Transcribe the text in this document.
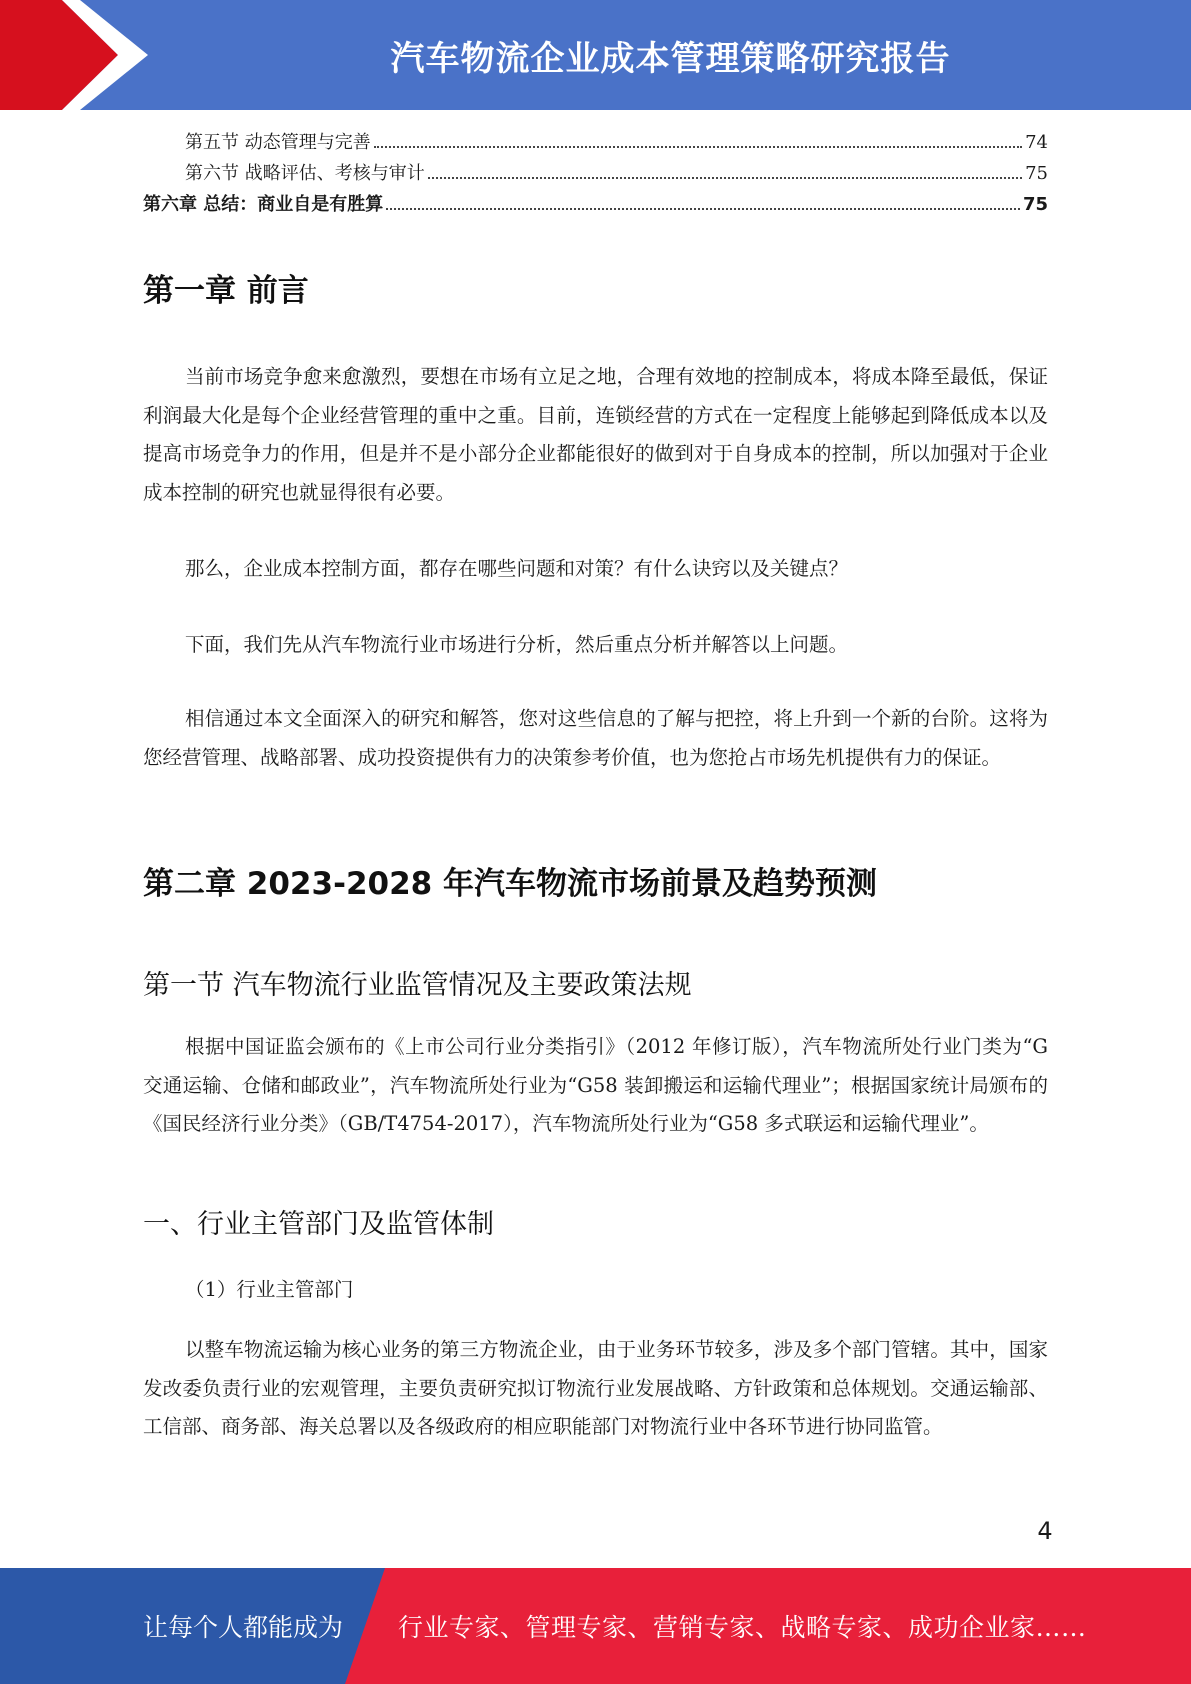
汽车物流企业成本管理策略研究报告
第五节 动态管理与完善	74
第六节 战略评估、考核与审计	75
第六章 总结：商业自是有胜算	75
第一章 前言
当前市场竞争愈来愈激烈，要想在市场有立足之地，合理有效地的控制成本，将成本降至最低，保证利润最大化是每个企业经营管理的重中之重。目前，连锁经营的方式在一定程度上能够起到降低成本以及提高市场竞争力的作用，但是并不是小部分企业都能很好的做到对于自身成本的控制，所以加强对于企业成本控制的研究也就显得很有必要。
那么，企业成本控制方面，都存在哪些问题和对策？有什么诀窍以及关键点？
下面，我们先从汽车物流行业市场进行分析，然后重点分析并解答以上问题。
相信通过本文全面深入的研究和解答，您对这些信息的了解与把控，将上升到一个新的台阶。这将为您经营管理、战略部署、成功投资提供有力的决策参考价值，也为您抢占市场先机提供有力的保证。
第二章 2023-2028 年汽车物流市场前景及趋势预测
第一节 汽车物流行业监管情况及主要政策法规
根据中国证监会颁布的《上市公司行业分类指引》（2012 年修订版），汽车物流所处行业门类为“G 交通运输、仓储和邮政业”，汽车物流所处行业为“G58 装卸搬运和运输代理业”；根据国家统计局颁布的《国民经济行业分类》（GB/T4754-2017），汽车物流所处行业为“G58 多式联运和运输代理业”。
一、行业主管部门及监管体制
（1）行业主管部门
以整车物流运输为核心业务的第三方物流企业，由于业务环节较多，涉及多个部门管辖。其中，国家发改委负责行业的宏观管理，主要负责研究拟订物流行业发展战略、方针政策和总体规划。交通运输部、工信部、商务部、海关总署以及各级政府的相应职能部门对物流行业中各环节进行协同监管。
4
让每个人都能成为 行业专家、管理专家、营销专家、战略专家、成功企业家……
